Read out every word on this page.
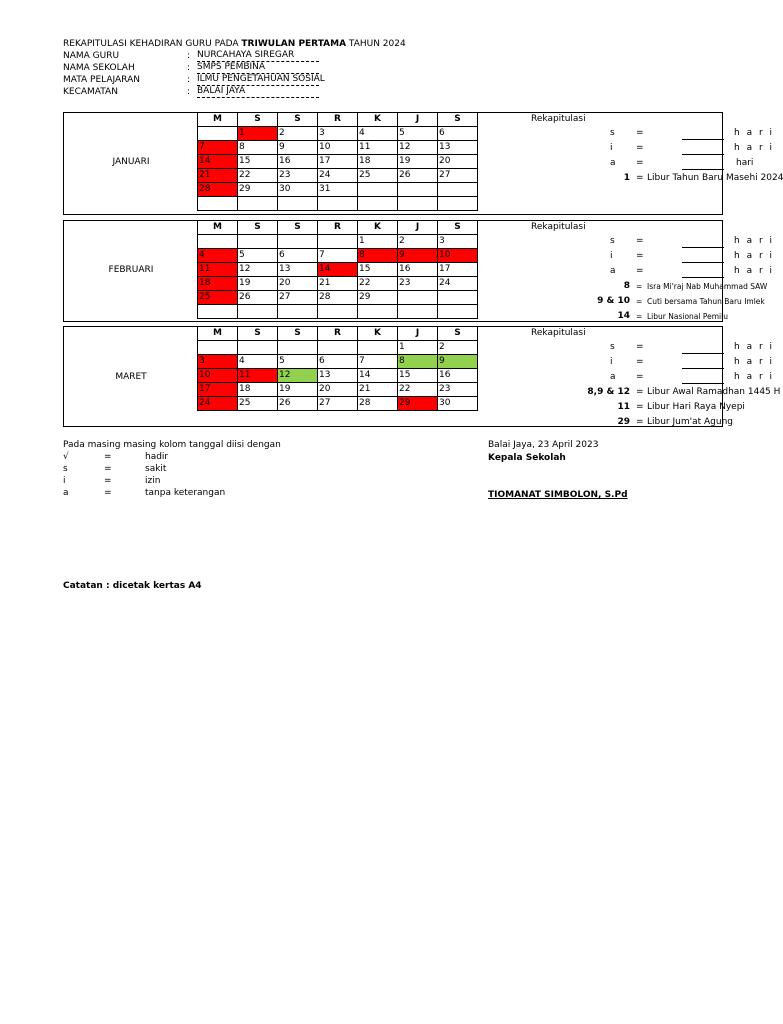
REKAPITULASI KEHADIRAN GURU PADA TRIWULAN PERTAMA TAHUN 2024
NAMA GURU	: NURCAHAYA SIREGAR
NAMA SEKOLAH	: SMPS PEMBINA
MATA PELAJARAN	: ILMU PENGETAHUAN SOSIAL
KECAMATAN	: BALAI JAYA
JANUARI
M	S	S	R	K	J	S
	1	2	3	4	5	6
7	8	9	10	11	12	13
14	15	16	17	18	19	20
21	22	23	24	25	26	27
28	29	30	31			

Rekapitulasi
s =	h a r i
i	=	h a r i
a =	hari
1 = Libur Tahun Baru Masehi 2024
FEBRUARI
M	S	S	R	K	J	S
				1	2	3
4	5	6	7	8	9	10
11	12	13	14	15	16	17
18	19	20	21	22	23	24
25	26	27	28	29		

Rekapitulasi
s =	h a r i
i	=	h a r i
a =	h a r i
8 = Isra Mi'raj Nab Muhammad SAW
9 & 10 = Cuti bersama Tahun Baru Imlek
14 = Libur Nasional Pemilu
MARET
M	S	S	R	K	J	S
					1	2
3	4	5	6	7	8	9
10	11	12	13	14	15	16
17	18	19	20	21	22	23
24	25	26	27	28	29	30
Rekapitulasi
s =	h a r i
i	=	h a r i
a =	h a r i
8,9 & 12 = Libur Awal Ramadhan 1445 H
11 = Libur Hari Raya Nyepi
29 = Libur Jum'at Agung
Pada masing masing kolom tanggal diisi dengan
√	=	hadir
s	=	sakit
i	=	izin
a	=	tanpa keterangan
Balai Jaya, 23 April 2023
Kepala Sekolah
TIOMANAT SIMBOLON, S.Pd
Catatan : dicetak kertas A4
